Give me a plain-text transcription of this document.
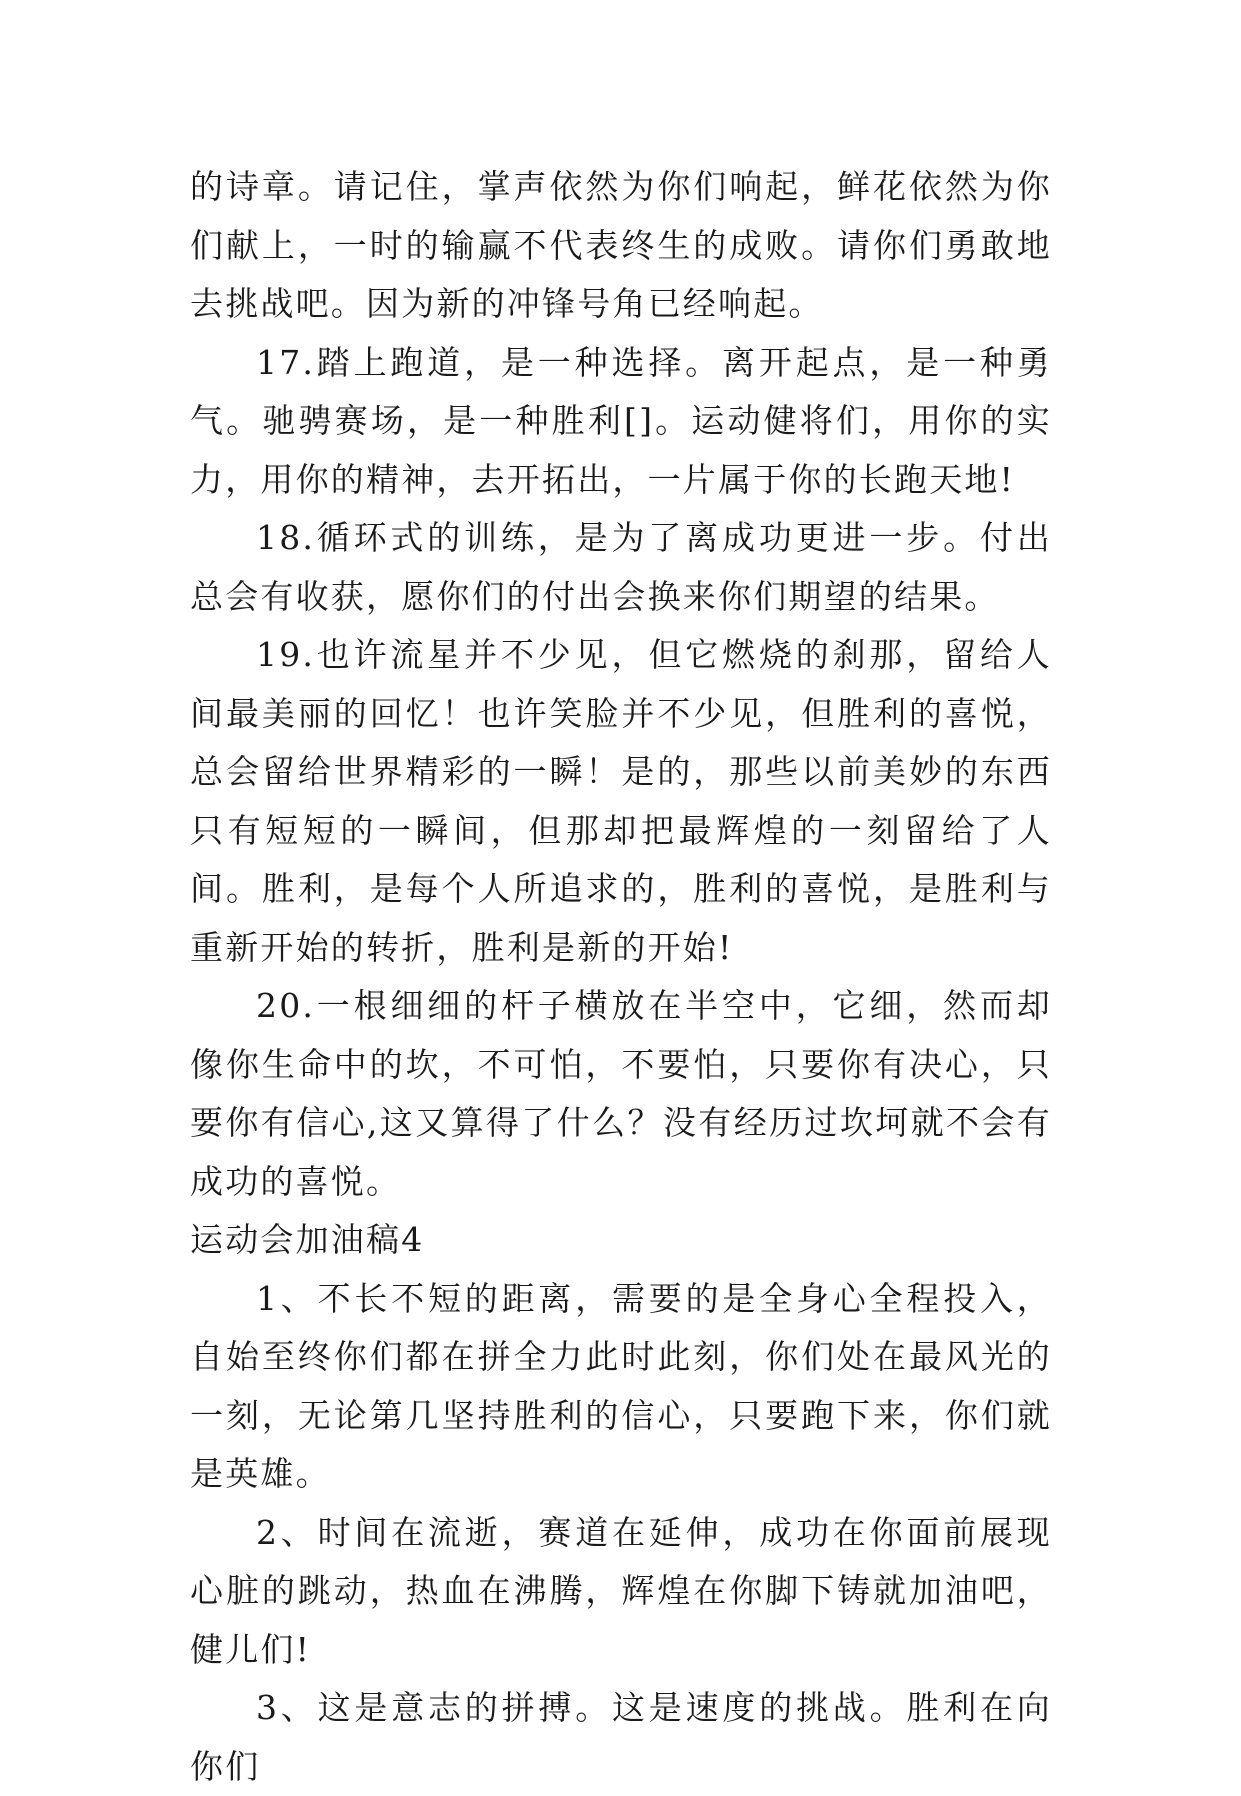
的诗章。请记住，掌声依然为你们响起，鲜花依然为你们献上，一时的输赢不代表终生的成败。请你们勇敢地去挑战吧。因为新的冲锋号角已经响起。

17.踏上跑道，是一种选择。离开起点，是一种勇气。驰骋赛场，是一种胜利[]。运动健将们，用你的实力，用你的精神，去开拓出，一片属于你的长跑天地!

18.循环式的训练，是为了离成功更进一步。付出总会有收获，愿你们的付出会换来你们期望的结果。

19.也许流星并不少见，但它燃烧的刹那，留给人间最美丽的回忆！也许笑脸并不少见，但胜利的喜悦，总会留给世界精彩的一瞬！是的，那些以前美妙的东西只有短短的一瞬间，但那却把最辉煌的一刻留给了人间。胜利，是每个人所追求的，胜利的喜悦，是胜利与重新开始的转折，胜利是新的开始!

20.一根细细的杆子横放在半空中，它细，然而却像你生命中的坎，不可怕，不要怕，只要你有决心，只要你有信心,这又算得了什么？没有经历过坎坷就不会有成功的喜悦。

运动会加油稿4

1、不长不短的距离，需要的是全身心全程投入，自始至终你们都在拼全力此时此刻，你们处在最风光的一刻，无论第几坚持胜利的信心，只要跑下来，你们就是英雄。

2、时间在流逝，赛道在延伸，成功在你面前展现心脏的跳动，热血在沸腾，辉煌在你脚下铸就加油吧，健儿们!

3、这是意志的拼搏。这是速度的挑战。胜利在向你们
